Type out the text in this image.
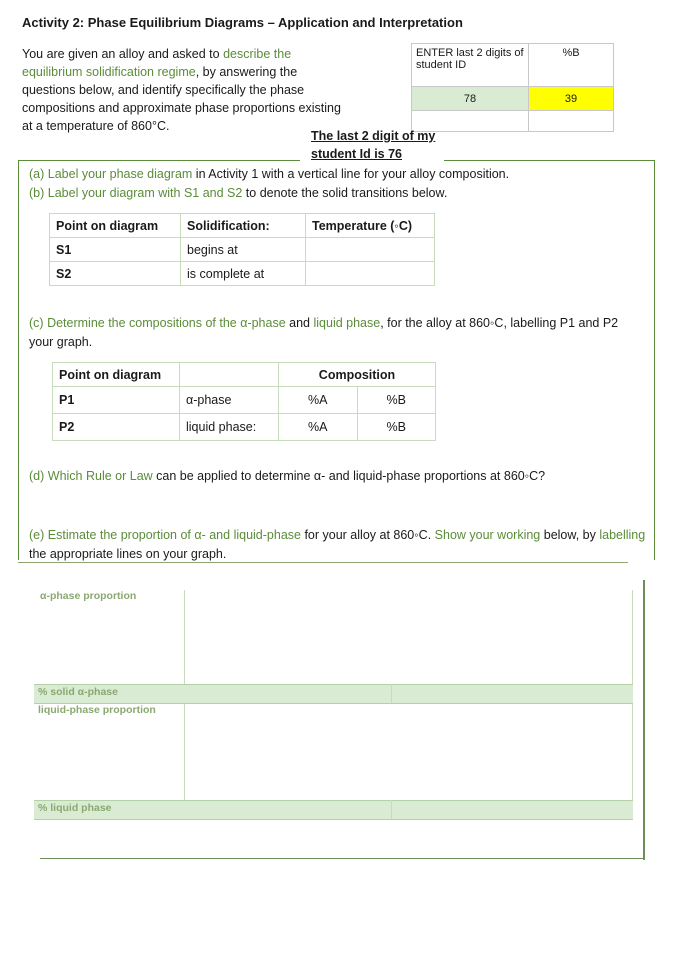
Activity 2: Phase Equilibrium Diagrams – Application and Interpretation
You are given an alloy and asked to describe the equilibrium solidification regime, by answering the questions below, and identify specifically the phase compositions and approximate phase proportions existing at a temperature of 860°C.
ENTER last 2 digits of student ID	%B
78	39

The last 2 digit of my student Id is 76
(a) Label your phase diagram in Activity 1 with a vertical line for your alloy composition.
(b) Label your diagram with S1 and S2 to denote the solid transitions below.
Point on diagram	Solidification:	Temperature (◦C)
S1	begins at	
S2	is complete at	
(c) Determine the compositions of the α-phase and liquid phase, for the alloy at 860◦C, labelling P1 and P2 your graph.
Point on diagram		Composition	
P1	α-phase	%A	%B
P2	liquid phase:	%A	%B
(d) Which Rule or Law can be applied to determine α- and liquid-phase proportions at 860◦C?
(e) Estimate the proportion of α- and liquid-phase for your alloy at 860◦C. Show your working below, by labelling the appropriate lines on your graph.
α-phase proportion
% solid α-phase
liquid-phase proportion
% liquid phase
